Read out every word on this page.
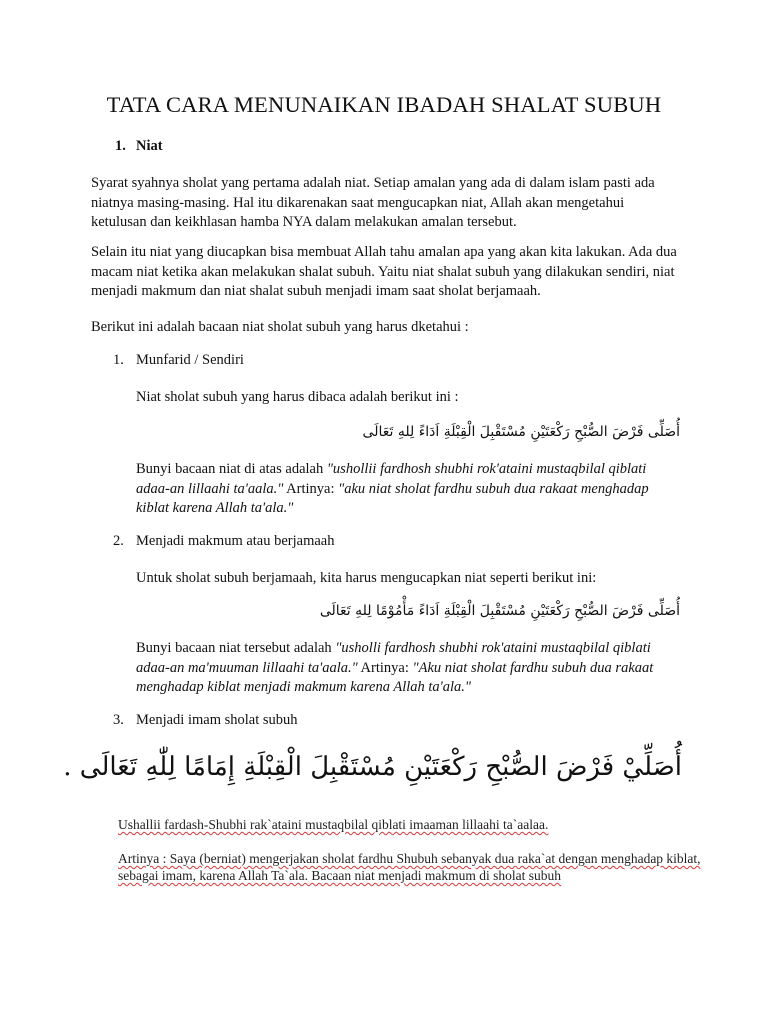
TATA CARA MENUNAIKAN IBADAH SHALAT SUBUH
1. Niat
Syarat syahnya sholat yang pertama adalah niat. Setiap amalan yang ada di dalam islam pasti ada niatnya masing-masing. Hal itu dikarenakan saat mengucapkan niat, Allah akan mengetahui ketulusan dan keikhlasan hamba NYA dalam melakukan amalan tersebut.
Selain itu niat yang diucapkan bisa membuat Allah tahu amalan apa yang akan kita lakukan. Ada dua macam niat ketika akan melakukan shalat subuh. Yaitu niat shalat subuh yang dilakukan sendiri, niat menjadi makmum dan niat shalat subuh menjadi imam saat sholat berjamaah.
Berikut ini adalah bacaan niat sholat subuh yang harus dketahui :
1. Munfarid / Sendiri
Niat sholat subuh yang harus dibaca adalah berikut ini :
أُصَلِّى فَرْضَ الصُّبْحِ رَكْعَتَيْنِ مُسْتَقْبِلَ الْقِبْلَةِ اَدَاءً لِلهِ تَعَالَى
Bunyi bacaan niat di atas adalah "ushollii fardhosh shubhi rok'ataini mustaqbilal qiblati adaa-an lillaahi ta'aala." Artinya: "aku niat sholat fardhu subuh dua rakaat menghadap kiblat karena Allah ta'ala."
2. Menjadi makmum atau berjamaah
Untuk sholat subuh berjamaah, kita harus mengucapkan niat seperti berikut ini:
أُصَلِّى فَرْضَ الصُّبْحِ رَكْعَتَيْنِ مُسْتَقْبِلَ الْقِبْلَةِ اَدَاءً مَأْمُوْمًا لِلهِ تَعَالَى
Bunyi bacaan niat tersebut adalah "usholli fardhosh shubhi rok'ataini mustaqbilal qiblati adaa-an ma'muuman lillaahi ta'aala." Artinya: "Aku niat sholat fardhu subuh dua rakaat menghadap kiblat menjadi makmum karena Allah ta'ala."
3. Menjadi imam sholat subuh
أُصَلِّيْ فَرْضَ الصُّبْحِ رَكْعَتَيْنِ مُسْتَقْبِلَ الْقِبْلَةِ إِمَامًا لِلّٰهِ تَعَالَى .
Ushallii fardash-Shubhi rak`ataini mustaqbilal qiblati imaaman lillaahi ta`aalaa.
Artinya : Saya (berniat) mengerjakan sholat fardhu Shubuh sebanyak dua raka`at dengan menghadap kiblat, sebagai imam, karena Allah Ta`ala. Bacaan niat menjadi makmum di sholat subuh
